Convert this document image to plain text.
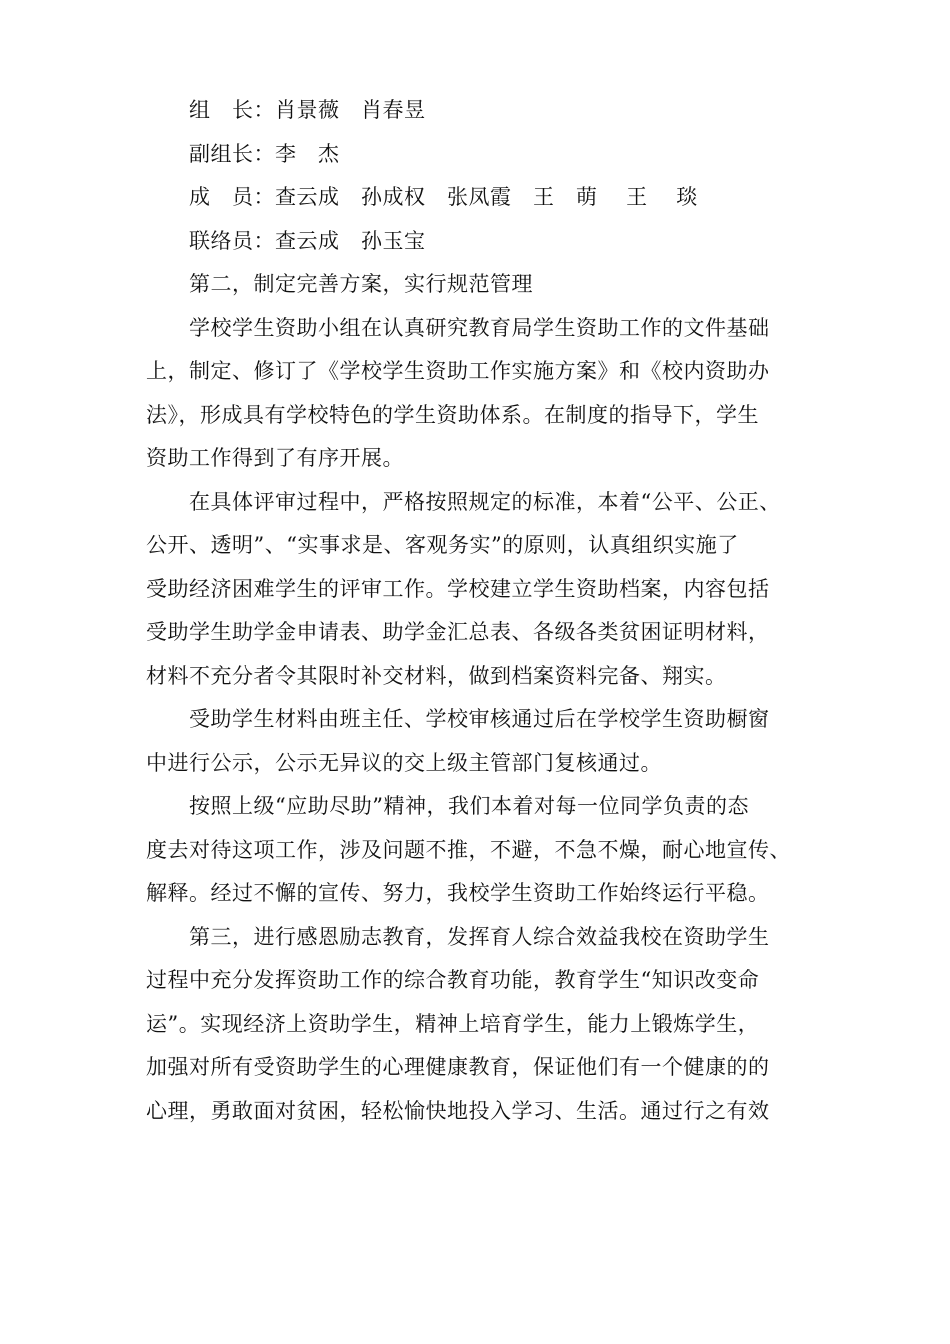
组　长：肖景薇　肖春昱
副组长：李　杰
成　员：查云成　孙成权　张凤霞　王　萌　 王　 琰
联络员：查云成　孙玉宝
第二，制定完善方案，实行规范管理
学校学生资助小组在认真研究教育局学生资助工作的文件基础
上，制定、修订了《学校学生资助工作实施方案》和《校内资助办
法》，形成具有学校特色的学生资助体系。在制度的指导下，学生
资助工作得到了有序开展。
在具体评审过程中，严格按照规定的标准，本着“公平、公正、
公开、透明”、“实事求是、客观务实”的原则，认真组织实施了
受助经济困难学生的评审工作。学校建立学生资助档案，内容包括
受助学生助学金申请表、助学金汇总表、各级各类贫困证明材料，
材料不充分者令其限时补交材料，做到档案资料完备、翔实。
受助学生材料由班主任、学校审核通过后在学校学生资助橱窗
中进行公示，公示无异议的交上级主管部门复核通过。
按照上级“应助尽助”精神，我们本着对每一位同学负责的态
度去对待这项工作，涉及问题不推，不避，不急不燥，耐心地宣传、
解释。经过不懈的宣传、努力，我校学生资助工作始终运行平稳。
第三，进行感恩励志教育，发挥育人综合效益我校在资助学生
过程中充分发挥资助工作的综合教育功能，教育学生“知识改变命
运”。实现经济上资助学生，精神上培育学生，能力上锻炼学生，
加强对所有受资助学生的心理健康教育，保证他们有一个健康的的
心理，勇敢面对贫困，轻松愉快地投入学习、生活。通过行之有效
